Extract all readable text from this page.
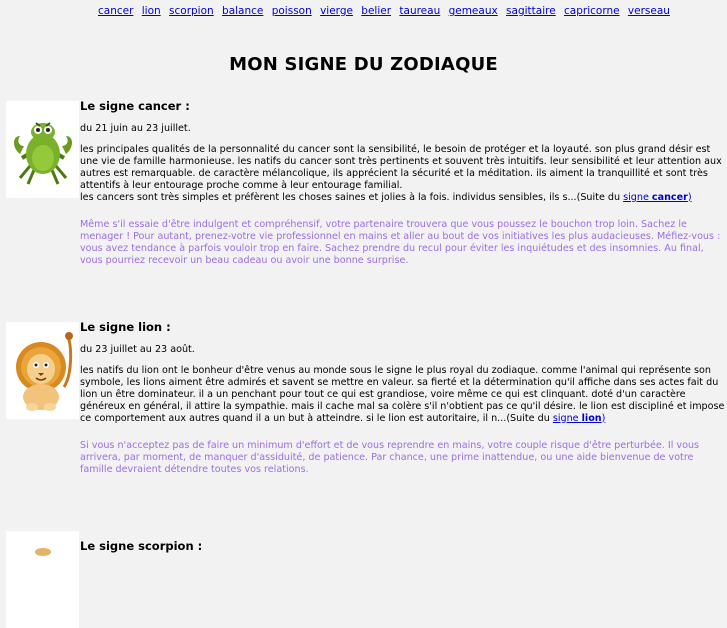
cancer lion scorpion balance poisson vierge belier taureau gemeaux sagittaire capricorne verseau
MON SIGNE DU ZODIAQUE

Le signe cancer :

du 21 juin au 23 juillet.

les principales qualités de la personnalité du cancer sont la sensibilité, le besoin de protéger et la loyauté. son plus grand désir est une vie de famille harmonieuse. les natifs du cancer sont très pertinents et souvent très intuitifs. leur sensibilité et leur attention aux autres est remarquable. de caractère mélancolique, ils apprécient la sécurité et la méditation. ils aiment la tranquillité et sont très attentifs à leur entourage proche comme à leur entourage familial.
les cancers sont très simples et préfèrent les choses saines et jolies à la fois. individus sensibles, ils s...(Suite du signe cancer)

Même s'il essaie d'être indulgent et compréhensif, votre partenaire trouvera que vous poussez le bouchon trop loin. Sachez le menager ! Pour autant, prenez-votre vie professionnel en mains et aller au bout de vos initiatives les plus audacieuses. Méfiez-vous : vous avez tendance à parfois vouloir trop en faire. Sachez prendre du recul pour éviter les inquiétudes et des insomnies. Au final, vous pourriez recevoir un beau cadeau ou avoir une bonne surprise.

Le signe lion :

du 23 juillet au 23 août.

les natifs du lion ont le bonheur d'être venus au monde sous le signe le plus royal du zodiaque. comme l'animal qui représente son symbole, les lions aiment être admirés et savent se mettre en valeur. sa fierté et la détermination qu'il affiche dans ses actes fait du lion un être dominateur. il a un penchant pour tout ce qui est grandiose, voire même ce qui est clinquant. doté d'un caractère généreux en général, il attire la sympathie. mais il cache mal sa colère s'il n'obtient pas ce qu'il désire. le lion est discipliné et impose ce comportement aux autres quand il a un but à atteindre. si le lion est autoritaire, il n...(Suite du signe lion)

Si vous n'acceptez pas de faire un minimum d'effort et de vous reprendre en mains, votre couple risque d'être perturbée. Il vous arrivera, par moment, de manquer d'assiduité, de patience. Par chance, une prime inattendue, ou une aide bienvenue de votre famille devraient détendre toutes vos relations.

Le signe scorpion :
